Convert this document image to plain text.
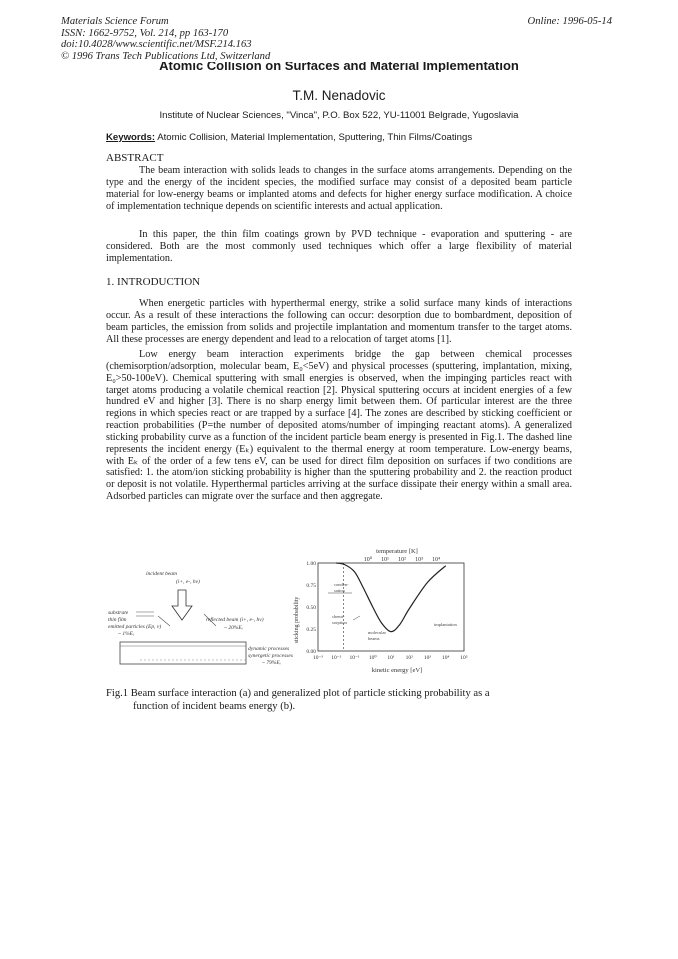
Materials Science Forum
ISSN: 1662-9752, Vol. 214, pp 163-170
doi:10.4028/www.scientific.net/MSF.214.163
© 1996 Trans Tech Publications Ltd, Switzerland
Online: 1996-05-14
Atomic Collision on Surfaces and Material Implementation
T.M. Nenadovic
Institute of Nuclear Sciences, "Vinca", P.O. Box 522, YU-11001 Belgrade, Yugoslavia
Keywords: Atomic Collision, Material Implementation, Sputtering, Thin Films/Coatings
ABSTRACT

The beam interaction with solids leads to changes in the surface atoms arrangements. Depending on the type and the energy of the incident species, the modified surface may consist of a deposited beam particle material for low-energy beams or implanted atoms and defects for higher energy surface modification. A choice of implementation technique depends on scientific interests and actual application.

In this paper, the thin film coatings grown by PVD technique - evaporation and sputtering - are considered. Both are the most commonly used techniques which offer a large flexibility of material implementation.

1. INTRODUCTION

When energetic particles with hyperthermal energy, strike a solid surface many kinds of interactions occur. As a result of these interactions the following can occur: desorption due to bombardment, deposition of beam particles, the emission from solids and projectile implantation and momentum transfer to the target atoms. All these processes are energy dependent and lead to a relocation of target atoms [1].

Low energy beam interaction experiments bridge the gap between chemical processes (chemisorption/adsorption, molecular beam, E₀<5eV) and physical processes (sputtering, implantation, mixing, E₀>50-100eV). Chemical sputtering with small energies is observed, when the impinging particles react with target atoms producing a volatile chemical reaction [2]. Physical sputtering occurs at incident energies of a few hundred eV and higher [3]. There is no sharp energy limit between them. Of particular interest are the three regions in which species react or are trapped by a surface [4]. The zones are described by sticking coefficient or reaction probabilities (P=the number of deposited atoms/number of impinging reactant atoms). A generalized sticking probability curve as a function of the incident particle beam energy is presented in Fig.1. The dashed line represents the incident energy (Eₖ) equivalent to the thermal energy at room temperature. Low-energy beams, with Eₖ of the order of a few tens eV, can be used for direct film deposition on surfaces if two conditions are satisfied: 1. the atom/ion sticking probability is higher than the sputtering probability and 2. the reaction product or deposit is not volatile. Hyperthermal particles arriving at the surface dissipate their energy within a small area. Adsorbed particles can migrate over the surface and then aggregate.

incident beam
(i+, e-, hν)
substrate
thin film
emitted particles (Ep, v)
~ 1%Eᵢ
reflected beam (i+, e-, hν)
~ 20%Eᵢ
dynamic processes
synergetic processes
~ 79%Eᵢ
temperature [K]
10⁰ 10¹ 10² 10³ 10⁴
sticking probability
0.00
0.25
0.50
0.75
1.00
conden-
sation
chemi-
sorption
molecular
beams
implantation
10⁻³ 10⁻² 10⁻¹ 10⁰ 10¹ 10² 10³ 10⁴ 10⁵
kinetic energy [eV]
Fig.1 Beam surface interaction (a) and generalized plot of particle sticking probability as a
function of incident beams energy (b).
